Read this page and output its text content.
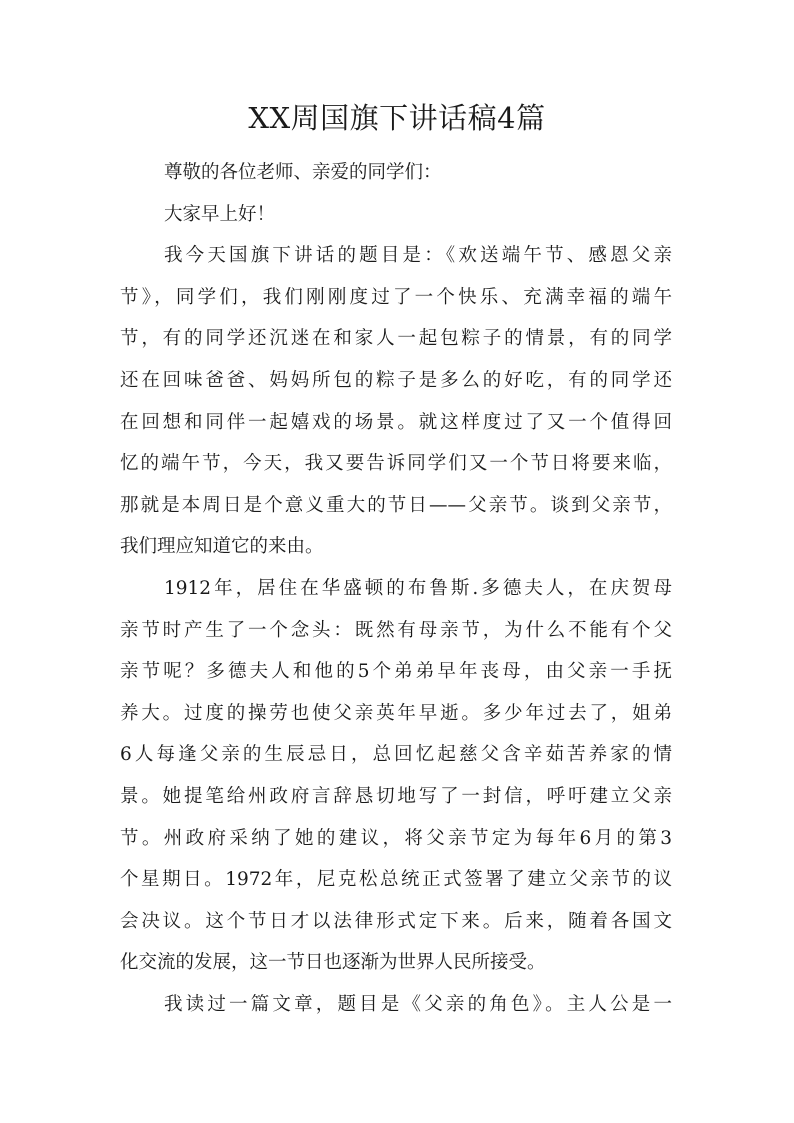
XX周国旗下讲话稿4篇

尊敬的各位老师、亲爱的同学们：

大家早上好！

我今天国旗下讲话的题目是：《欢送端午节、感恩父亲

节》，同学们，我们刚刚度过了一个快乐、充满幸福的端午

节，有的同学还沉迷在和家人一起包粽子的情景，有的同学

还在回味爸爸、妈妈所包的粽子是多么的好吃，有的同学还

在回想和同伴一起嬉戏的场景。就这样度过了又一个值得回

忆的端午节，今天，我又要告诉同学们又一个节日将要来临，

那就是本周日是个意义重大的节日——父亲节。谈到父亲节，

我们理应知道它的来由。

1912年，居住在华盛顿的布鲁斯.多德夫人，在庆贺母

亲节时产生了一个念头：既然有母亲节，为什么不能有个父

亲节呢？多德夫人和他的5个弟弟早年丧母，由父亲一手抚

养大。过度的操劳也使父亲英年早逝。多少年过去了，姐弟

6人每逢父亲的生辰忌日，总回忆起慈父含辛茹苦养家的情

景。她提笔给州政府言辞恳切地写了一封信，呼吁建立父亲

节。州政府采纳了她的建议，将父亲节定为每年6月的第3

个星期日。1972年，尼克松总统正式签署了建立父亲节的议

会决议。这个节日才以法律形式定下来。后来，随着各国文

化交流的发展，这一节日也逐渐为世界人民所接受。

我读过一篇文章，题目是《父亲的角色》。主人公是一
